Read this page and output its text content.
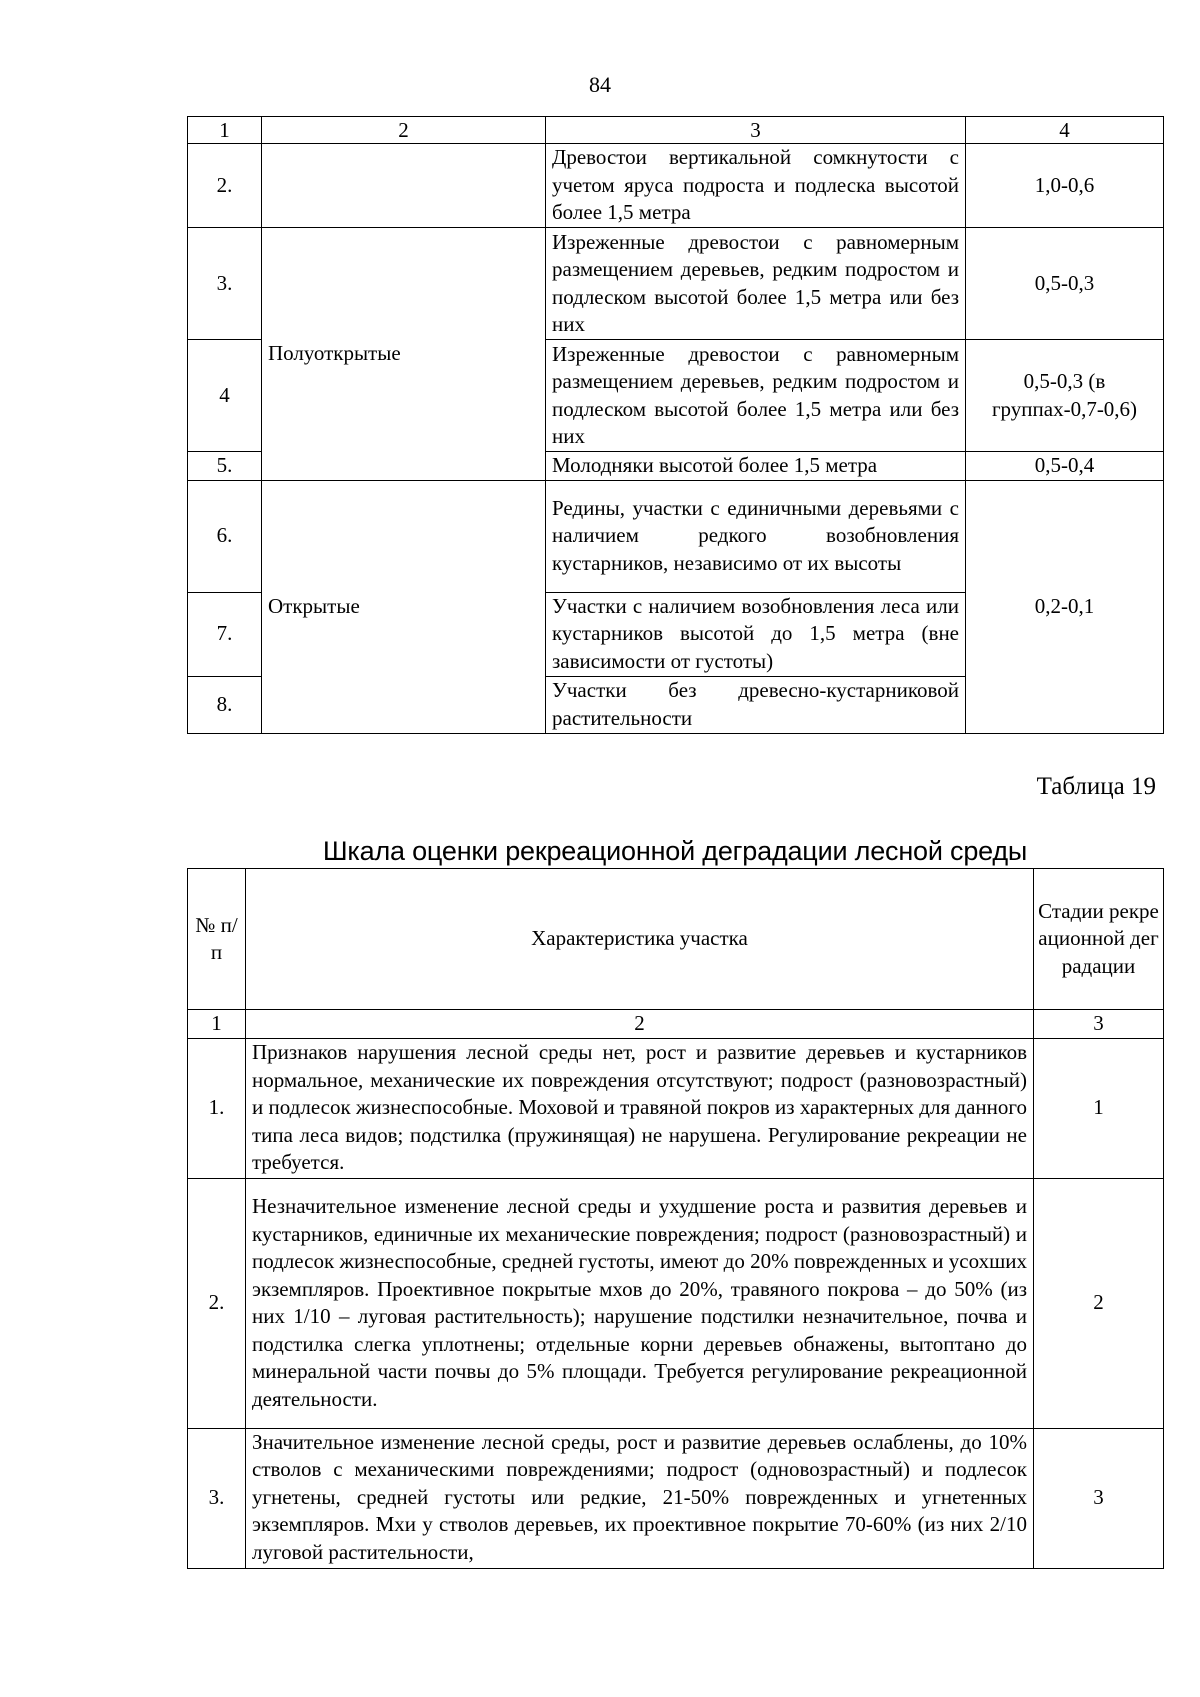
84
1	2	3	4
2.		Древостои вертикальной сомкнутости с учетом яруса подроста и подлеска высотой более 1,5 метра	1,0-0,6
3.	Полуоткрытые	Изреженные древостои с равномерным размещением деревьев, редким подростом и подлеском высотой более 1,5 метра или без них	0,5-0,3
4		Изреженные древостои с равномерным размещением деревьев, редким подростом и подлеском высотой более 1,5 метра или без них	0,5-0,3 (в группах-0,7-0,6)
5.		Молодняки высотой более 1,5 метра	0,5-0,4
6.	Открытые	Редины, участки с единичными деревьями с наличием редкого возобновления кустарников, независимо от их высоты	0,2-0,1
7.		Участки с наличием возобновления леса или кустарников высотой до 1,5 метра (вне зависимости от густоты)	
8.		Участки без древесно-кустарниковой растительности	
Таблица 19
Шкала оценки рекреационной деградации лесной среды
№ п/п	Характеристика участка	Стадии рекреационной деградации
1	2	3
1.	Признаков нарушения лесной среды нет, рост и развитие деревьев и кустарников нормальное, механические их повреждения отсутствуют; подрост (разновозрастный) и подлесок жизнеспособные. Моховой и травяной покров из характерных для данного типа леса видов; подстилка (пружинящая) не нарушена. Регулирование рекреации не требуется.	1
2.	Незначительное изменение лесной среды и ухудшение роста и развития деревьев и кустарников, единичные их механические повреждения; подрост (разновозрастный) и подлесок жизнеспособные, средней густоты, имеют до 20% поврежденных и усохших экземпляров. Проективное покрытые мхов до 20%, травяного покрова – до 50% (из них 1/10 – луговая растительность); нарушение подстилки незначительное, почва и подстилка слегка уплотнены; отдельные корни деревьев обнажены, вытоптано до минеральной части почвы до 5% площади. Требуется регулирование рекреационной деятельности.	2
3.	Значительное изменение лесной среды, рост и развитие деревьев ослаблены, до 10% стволов с механическими повреждениями; подрост (одновозрастный) и подлесок угнетены, средней густоты или редкие, 21-50% поврежденных и угнетенных экземпляров. Мхи у стволов деревьев, их проективное покрытие 70-60% (из них 2/10 луговой растительности,	3
